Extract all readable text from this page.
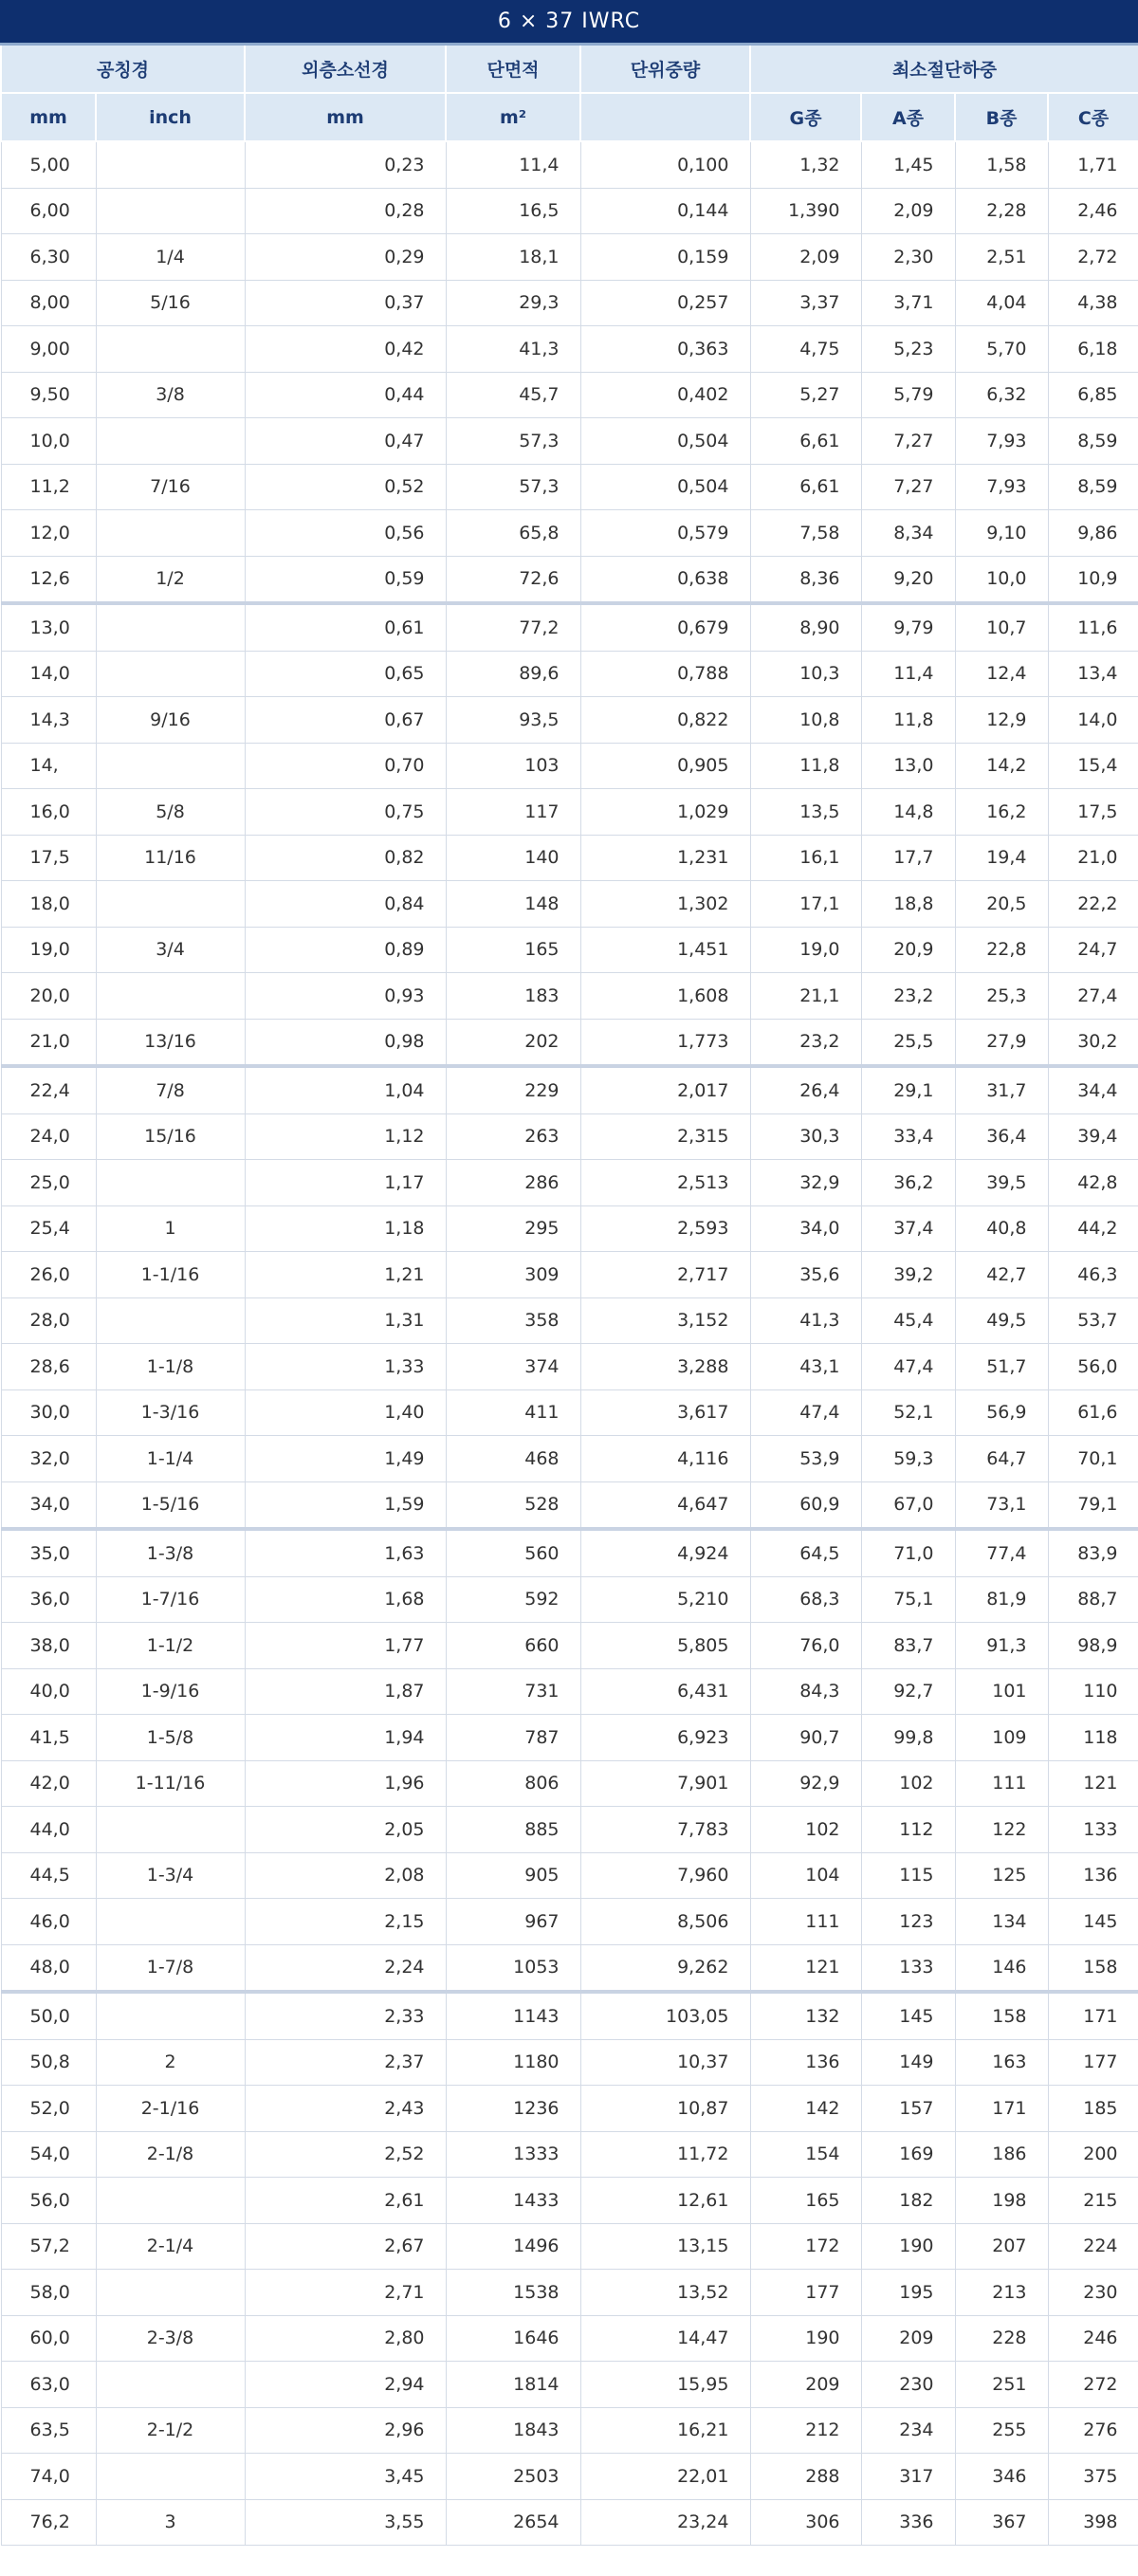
6 × 37 IWRC
공칭경		외층소선경	단면적	단위중량	최소절단하중			
mm	inch	mm	m²		G종	A종	B종	C종
5,00		0,23	11,4	0,100	1,32	1,45	1,58	1,71
6,00		0,28	16,5	0,144	1,390	2,09	2,28	2,46
6,30	1/4	0,29	18,1	0,159	2,09	2,30	2,51	2,72
8,00	5/16	0,37	29,3	0,257	3,37	3,71	4,04	4,38
9,00		0,42	41,3	0,363	4,75	5,23	5,70	6,18
9,50	3/8	0,44	45,7	0,402	5,27	5,79	6,32	6,85
10,0		0,47	57,3	0,504	6,61	7,27	7,93	8,59
11,2	7/16	0,52	57,3	0,504	6,61	7,27	7,93	8,59
12,0		0,56	65,8	0,579	7,58	8,34	9,10	9,86
12,6	1/2	0,59	72,6	0,638	8,36	9,20	10,0	10,9
13,0		0,61	77,2	0,679	8,90	9,79	10,7	11,6
14,0		0,65	89,6	0,788	10,3	11,4	12,4	13,4
14,3	9/16	0,67	93,5	0,822	10,8	11,8	12,9	14,0
14,		0,70	103	0,905	11,8	13,0	14,2	15,4
16,0	5/8	0,75	117	1,029	13,5	14,8	16,2	17,5
17,5	11/16	0,82	140	1,231	16,1	17,7	19,4	21,0
18,0		0,84	148	1,302	17,1	18,8	20,5	22,2
19,0	3/4	0,89	165	1,451	19,0	20,9	22,8	24,7
20,0		0,93	183	1,608	21,1	23,2	25,3	27,4
21,0	13/16	0,98	202	1,773	23,2	25,5	27,9	30,2
22,4	7/8	1,04	229	2,017	26,4	29,1	31,7	34,4
24,0	15/16	1,12	263	2,315	30,3	33,4	36,4	39,4
25,0		1,17	286	2,513	32,9	36,2	39,5	42,8
25,4	1	1,18	295	2,593	34,0	37,4	40,8	44,2
26,0	1-1/16	1,21	309	2,717	35,6	39,2	42,7	46,3
28,0		1,31	358	3,152	41,3	45,4	49,5	53,7
28,6	1-1/8	1,33	374	3,288	43,1	47,4	51,7	56,0
30,0	1-3/16	1,40	411	3,617	47,4	52,1	56,9	61,6
32,0	1-1/4	1,49	468	4,116	53,9	59,3	64,7	70,1
34,0	1-5/16	1,59	528	4,647	60,9	67,0	73,1	79,1
35,0	1-3/8	1,63	560	4,924	64,5	71,0	77,4	83,9
36,0	1-7/16	1,68	592	5,210	68,3	75,1	81,9	88,7
38,0	1-1/2	1,77	660	5,805	76,0	83,7	91,3	98,9
40,0	1-9/16	1,87	731	6,431	84,3	92,7	101	110
41,5	1-5/8	1,94	787	6,923	90,7	99,8	109	118
42,0	1-11/16	1,96	806	7,901	92,9	102	111	121
44,0		2,05	885	7,783	102	112	122	133
44,5	1-3/4	2,08	905	7,960	104	115	125	136
46,0		2,15	967	8,506	111	123	134	145
48,0	1-7/8	2,24	1053	9,262	121	133	146	158
50,0		2,33	1143	103,05	132	145	158	171
50,8	2	2,37	1180	10,37	136	149	163	177
52,0	2-1/16	2,43	1236	10,87	142	157	171	185
54,0	2-1/8	2,52	1333	11,72	154	169	186	200
56,0		2,61	1433	12,61	165	182	198	215
57,2	2-1/4	2,67	1496	13,15	172	190	207	224
58,0		2,71	1538	13,52	177	195	213	230
60,0	2-3/8	2,80	1646	14,47	190	209	228	246
63,0		2,94	1814	15,95	209	230	251	272
63,5	2-1/2	2,96	1843	16,21	212	234	255	276
74,0		3,45	2503	22,01	288	317	346	375
76,2	3	3,55	2654	23,24	306	336	367	398
